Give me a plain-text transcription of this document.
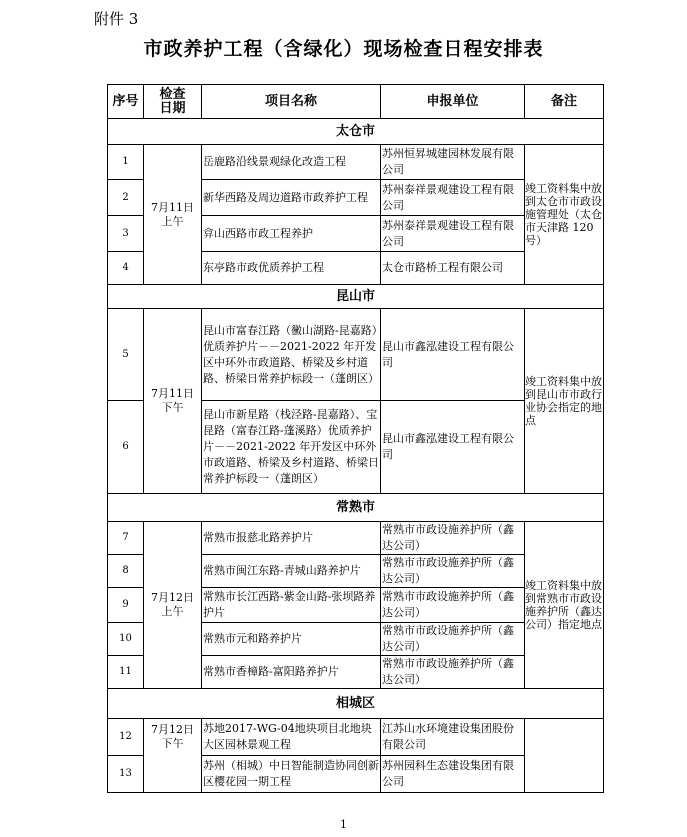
附件 3
市政养护工程（含绿化）现场检查日程安排表
序号	检查日期	项目名称	申报单位	备注
太仓市				
1	7月11日上午	岳鹿路沿线景观绿化改造工程	苏州恒昇城建园林发展有限公司	竣工资料集中放到太仓市市政设施管理处（太仓市天津路 120 号）
2		新华西路及周边道路市政养护工程	苏州泰祥景观建设工程有限公司	
3		弇山西路市政工程养护	苏州泰祥景观建设工程有限公司	
4		东亭路市政优质养护工程	太仓市路桥工程有限公司	
昆山市				
5	7月11日下午	昆山市富春江路（黴山湖路-昆嘉路）优质养护片－－2021-2022 年开发区中环外市政道路、桥梁及乡村道路、桥梁日常养护标段一（蓬朗区）	昆山市鑫泓建设工程有限公司	竣工资料集中放到昆山市市政行业协会指定的地点
6		昆山市新星路（栈泾路-昆嘉路）、宝昆路（富春江路-蓬溪路）优质养护片－－2021-2022 年开发区中环外市政道路、桥梁及乡村道路、桥梁日常养护标段一（蓬朗区）	昆山市鑫泓建设工程有限公司	
常熟市				
7	7月12日上午	常熟市报慈北路养护片	常熟市市政设施养护所（鑫达公司）	竣工资料集中放到常熟市市政设施养护所（鑫达公司）指定地点
8		常熟市闽江东路-青城山路养护片	常熟市市政设施养护所（鑫达公司）	
9		常熟市长江西路-紫金山路-张坝路养护片	常熟市市政设施养护所（鑫达公司）	
10		常熟市元和路养护片	常熟市市政设施养护所（鑫达公司）	
11		常熟市香樟路-富阳路养护片	常熟市市政设施养护所（鑫达公司）	
相城区				
12	7月12日下午	苏地2017-WG-04地块项目北地块大区园林景观工程	江苏山水环境建设集团股份有限公司	
13		苏州（相城）中日智能制造协同创新区樱花园一期工程	苏州园科生态建设集团有限公司	
1
